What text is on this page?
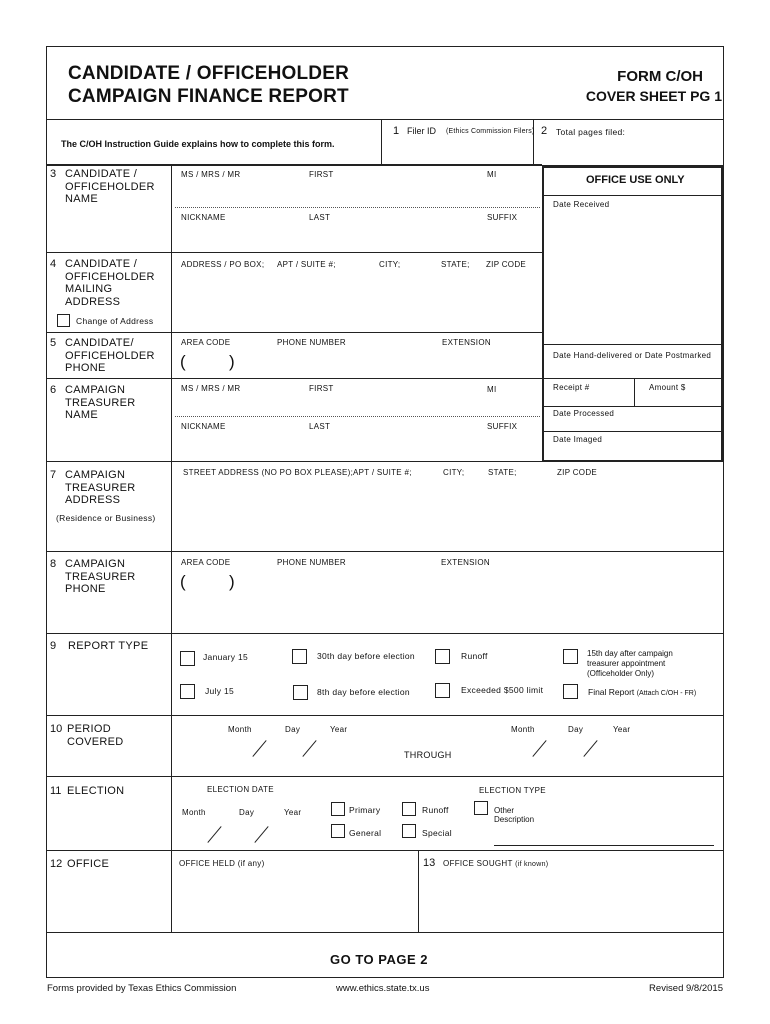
CANDIDATE / OFFICEHOLDER
CAMPAIGN FINANCE REPORT
FORM C/OH
COVER SHEET PG 1
The C/OH Instruction Guide explains how to complete this form.
1 Filer ID (Ethics Commission Filers) 2 Total pages filed:
OFFICE USE ONLY
Date Received
Date Hand-delivered or Date Postmarked
Receipt #	Amount $
Date Processed
Date Imaged
3 CANDIDATE /
OFFICEHOLDER
NAME
MS / MRS / MR	FIRST	MI
NICKNAME	LAST	SUFFIX
4 CANDIDATE /
OFFICEHOLDER
MAILING
ADDRESS
ADDRESS / PO BOX; APT / SUITE #;	CITY;	STATE; ZIP CODE
Change of Address
5 CANDIDATE/
OFFICEHOLDER
PHONE
AREA CODE	PHONE NUMBER	EXTENSION
(	)
6 CAMPAIGN
TREASURER
NAME
MS / MRS / MR	FIRST	MI
NICKNAME	LAST	SUFFIX
7 CAMPAIGN
TREASURER
ADDRESS
(Residence or Business)
STREET ADDRESS (NO PO BOX PLEASE); APT / SUITE #;	CITY;	STATE;	ZIP CODE
8 CAMPAIGN
TREASURER
PHONE
AREA CODE	PHONE NUMBER	EXTENSION
(	)
9 REPORT TYPE
January 15	30th day before election	Runoff	15th day after campaign
treasurer appointment
(Officeholder Only)
July 15	8th day before election	Exceeded $500 limit	Final Report (Attach C/OH - FR)
10 PERIOD
COVERED
Month	Day	Year
THROUGH
Month	Day	Year
11 ELECTION	ELECTION DATE
Month	Day	Year
ELECTION TYPE
Primary	Runoff	Other
Description
General	Special
12 OFFICE	OFFICE HELD (if any)	13 OFFICE SOUGHT (if known)
GO TO PAGE 2
Forms provided by Texas Ethics Commission	www.ethics.state.tx.us	Revised 9/8/2015
